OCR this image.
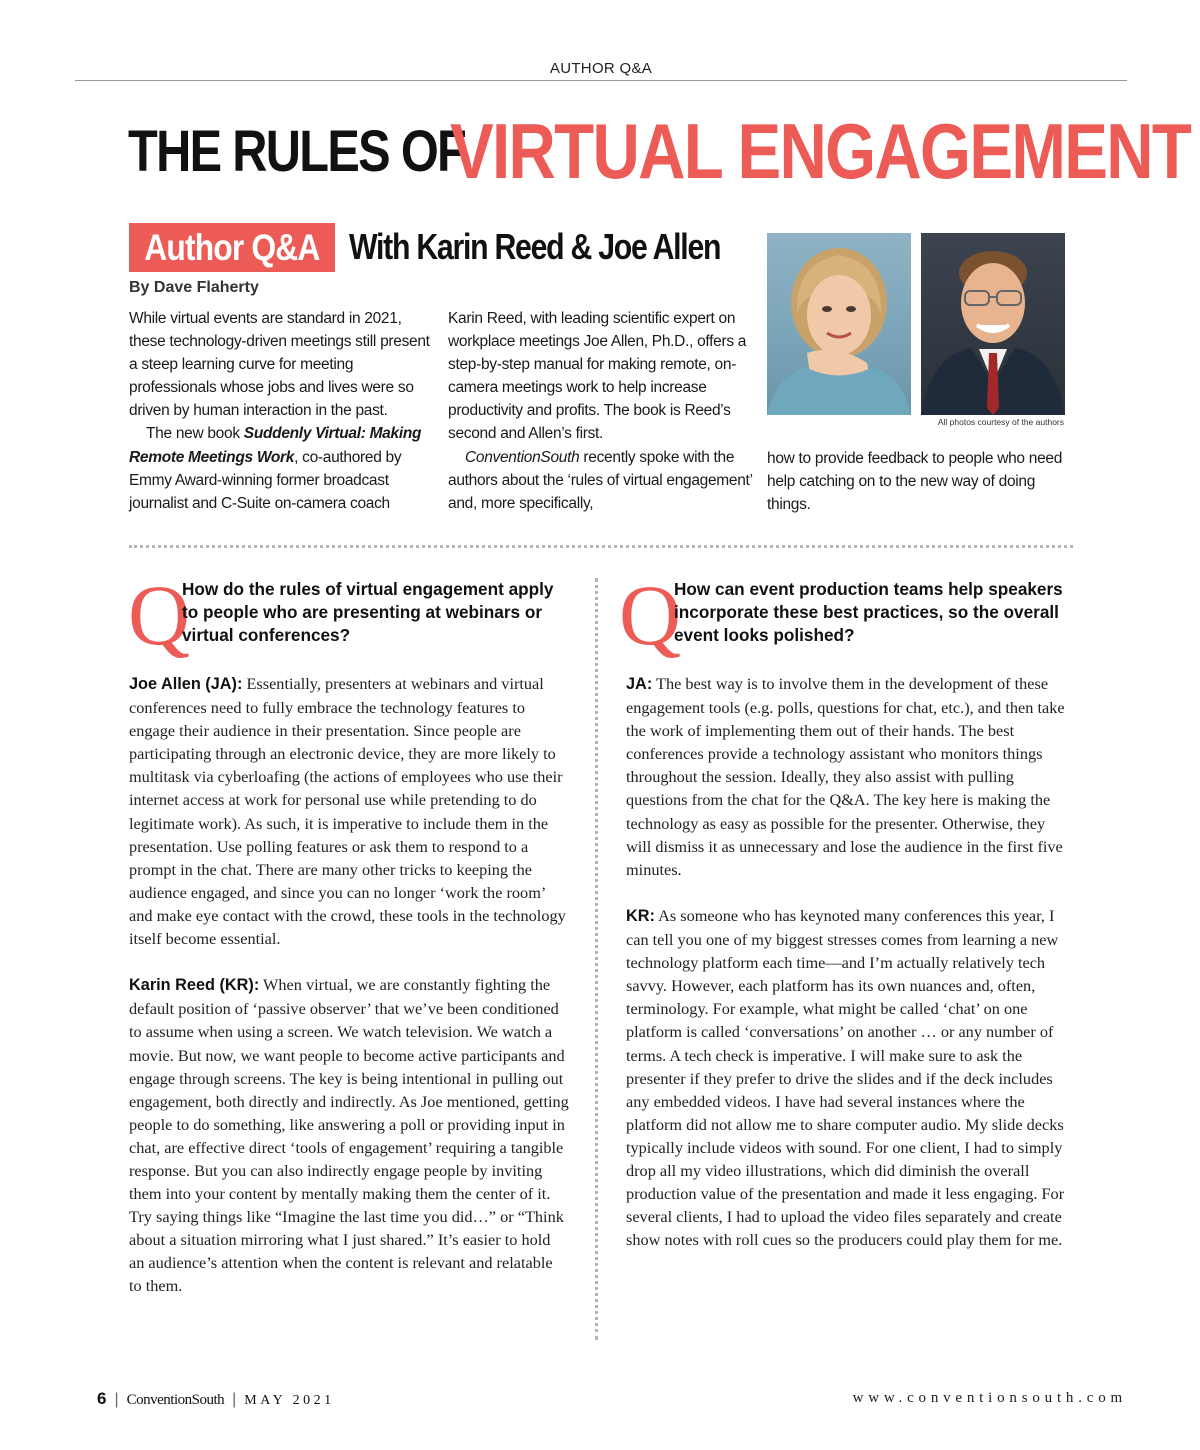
AUTHOR Q&A
THE RULES OF
VIRTUAL ENGAGEMENT
Author Q&A With Karin Reed & Joe Allen
By Dave Flaherty

While virtual events are standard in 2021, these technology-driven meetings still present a steep learning curve for meeting professionals whose jobs and lives were so driven by human interaction in the past.

The new book Suddenly Virtual: Making Remote Meetings Work, co-authored by Emmy Award-winning former broadcast journalist and C-Suite on-camera coach

Karin Reed, with leading scientific expert on workplace meetings Joe Allen, Ph.D., offers a step-by-step manual for making remote, on-camera meetings work to help increase productivity and profits. The book is Reed’s second and Allen’s first.

ConventionSouth recently spoke with the authors about the ‘rules of virtual engagement’ and, more specifically,

how to provide feedback to people who need help catching on to the new way of doing things.

All photos courtesy of the authors
Q
How do the rules of virtual engagement apply to people who are presenting at webinars or virtual conferences?

Joe Allen (JA): Essentially, presenters at webinars and virtual conferences need to fully embrace the technology features to engage their audience in their presentation. Since people are participating through an electronic device, they are more likely to multitask via cyberloafing (the actions of employees who use their internet access at work for personal use while pretending to do legitimate work). As such, it is imperative to include them in the presentation. Use polling features or ask them to respond to a prompt in the chat. There are many other tricks to keeping the audience engaged, and since you can no longer ‘work the room’ and make eye contact with the crowd, these tools in the technology itself become essential.

Karin Reed (KR): When virtual, we are constantly fighting the default position of ‘passive observer’ that we’ve been conditioned to assume when using a screen. We watch television. We watch a movie. But now, we want people to become active participants and engage through screens. The key is being intentional in pulling out engagement, both directly and indirectly. As Joe mentioned, getting people to do something, like answering a poll or providing input in chat, are effective direct ‘tools of engagement’ requiring a tangible response. But you can also indirectly engage people by inviting them into your content by mentally making them the center of it. Try saying things like “Imagine the last time you did…” or “Think about a situation mirroring what I just shared.” It’s easier to hold an audience’s attention when the content is relevant and relatable to them.

Q
How can event production teams help speakers incorporate these best practices, so the overall event looks polished?

JA: The best way is to involve them in the development of these engagement tools (e.g. polls, questions for chat, etc.), and then take the work of implementing them out of their hands. The best conferences provide a technology assistant who monitors things throughout the session. Ideally, they also assist with pulling questions from the chat for the Q&A. The key here is making the technology as easy as possible for the presenter. Otherwise, they will dismiss it as unnecessary and lose the audience in the first five minutes.

KR: As someone who has keynoted many conferences this year, I can tell you one of my biggest stresses comes from learning a new technology platform each time—and I’m actually relatively tech savvy. However, each platform has its own nuances and, often, terminology. For example, what might be called ‘chat’ on one platform is called ‘conversations’ on another … or any number of terms. A tech check is imperative. I will make sure to ask the presenter if they prefer to drive the slides and if the deck includes any embedded videos. I have had several instances where the platform did not allow me to share computer audio. My slide decks typically include videos with sound. For one client, I had to simply drop all my video illustrations, which did diminish the overall production value of the presentation and made it less engaging. For several clients, I had to upload the video files separately and create show notes with roll cues so the producers could play them for me.

6 | ConventionSouth | MAY 2021	www.conventionsouth.com
